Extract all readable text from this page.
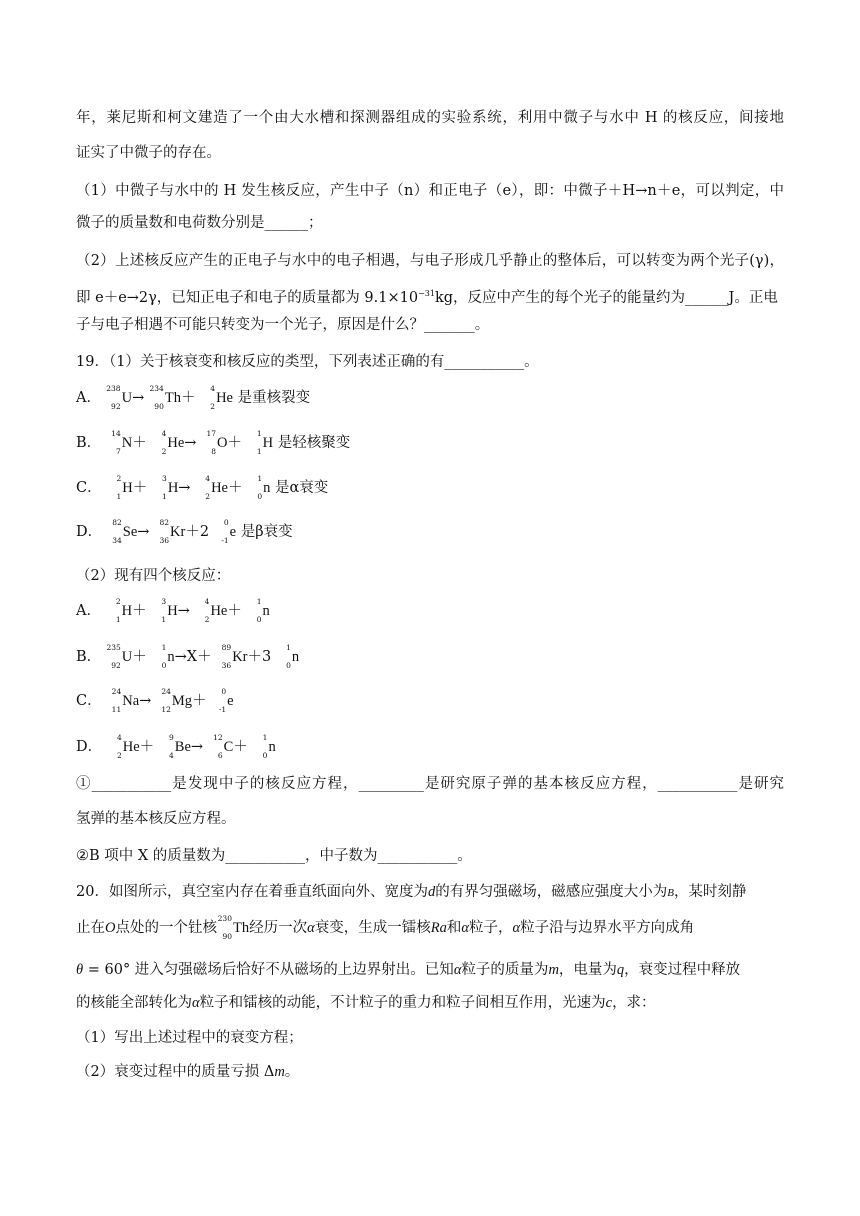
年，莱尼斯和柯文建造了一个由大水槽和探测器组成的实验系统，利用中微子与水中 H 的核反应，间接地
证实了中微子的存在。
（1）中微子与水中的 H 发生核反应，产生中子（n）和正电子（e），即：中微子＋H→n＋e，可以判定，中
微子的质量数和电荷数分别是______；
（2）上述核反应产生的正电子与水中的电子相遇，与电子形成几乎静止的整体后，可以转变为两个光子(γ)，
即 e＋e→2γ，已知正电子和电子的质量都为 $9.1\times 10^{-31}kg$，反应中产生的每个光子的能量约为______J。正电
子与电子相遇不可能只转变为一个光子，原因是什么？_______。
19．（1）关于核衰变和核反应的类型，下列表述正确的有___________。
A．
238
92
U→
234
90
Th＋
4
2
He 是重核裂变
B．
14
7
N＋
4
2
He→
17
8
O＋
1
1
H 是轻核聚变
C．
2
1
H＋
3
1
H→
4
2
He＋
1
0
n 是α衰变
D．
82
34
Se→
82
36
Kr＋2
0
-1
e 是β衰变
（2）现有四个核反应：
A．
2
1
H＋
3
1
H→
4
2
He＋
1
0
n
B．
235
92
U＋
1
0
n→X＋
89
36
Kr＋3
1
0
n
C．
24
11
Na→
24
12
Mg＋
0
-1
e
D．
4
2
He＋
9
4
Be→
12
6
C＋
1
0
n
①___________是发现中子的核反应方程，_________是研究原子弹的基本核反应方程，___________是研究
氢弹的基本核反应方程。
②B 项中 X 的质量数为___________，中子数为___________。
20．如图所示，真空室内存在着垂直纸面向外、宽度为d的有界匀强磁场，磁感应强度大小为B，某时刻静
止在O点处的一个钍核
230
90
Th经历一次α衰变，生成一镭核Ra和α粒子，α粒子沿与边界水平方向成角
θ = 60° 进入匀强磁场后恰好不从磁场的上边界射出。已知α粒子的质量为m，电量为q，衰变过程中释放
的核能全部转化为α粒子和镭核的动能，不计粒子的重力和粒子间相互作用，光速为c，求：
（1）写出上述过程中的衰变方程；
（2）衰变过程中的质量亏损 Δm。
